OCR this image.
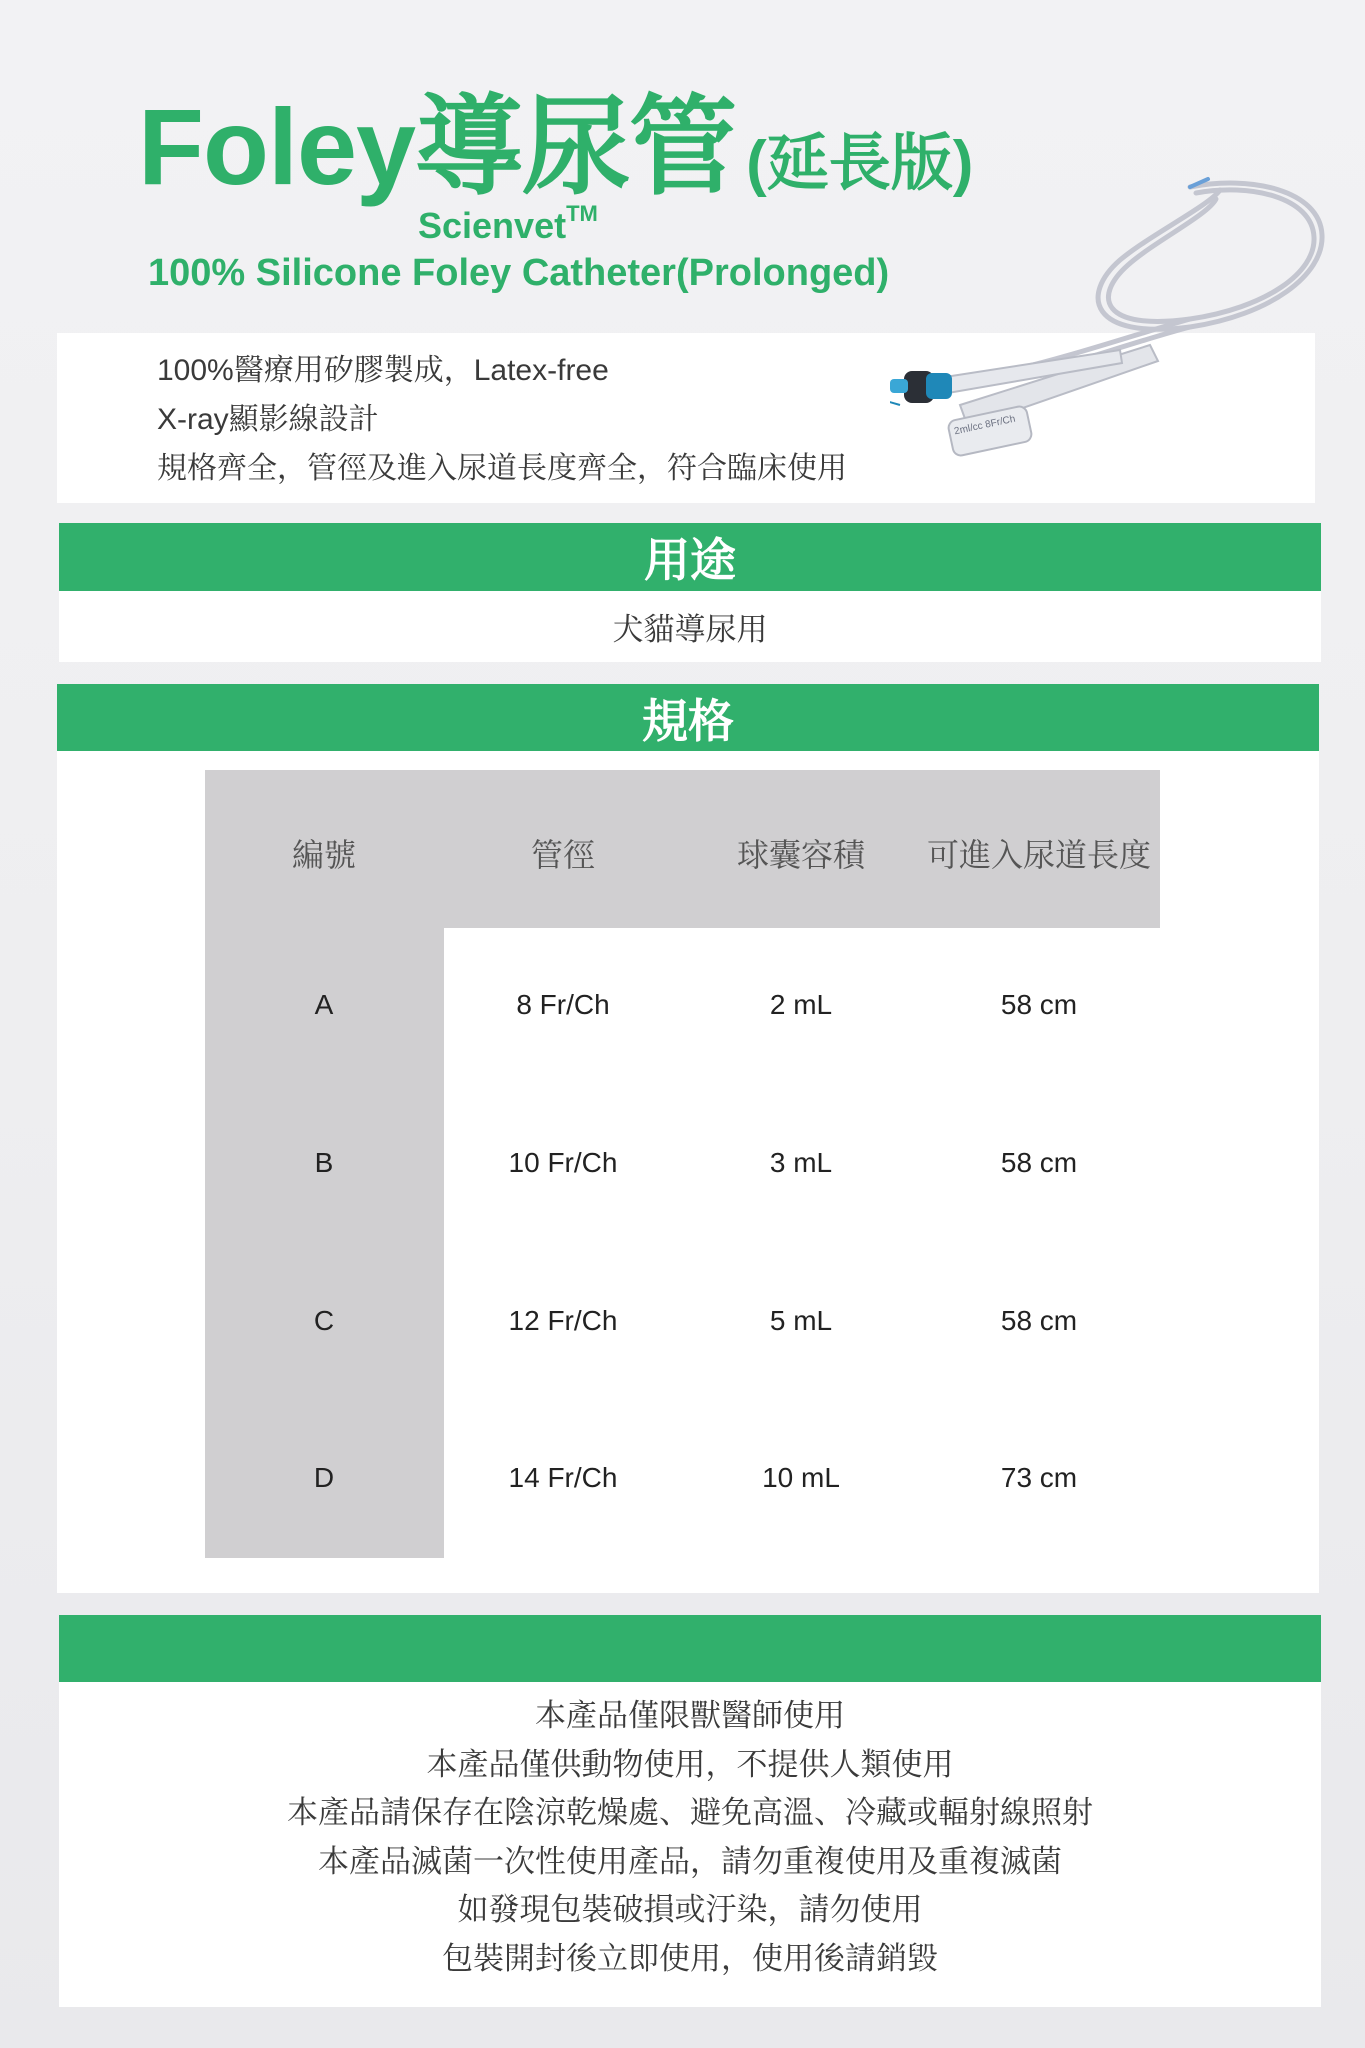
Foley導尿管 (延長版)
Scienvet™
100% Silicone Foley Catheter(Prolonged)
100%醫療用矽膠製成，Latex-free
X-ray顯影線設計
規格齊全，管徑及進入尿道長度齊全，符合臨床使用
2ml/cc 8Fr/Ch
用途
犬貓導尿用
規格
編號	管徑	球囊容積	可進入尿道長度
A	8 Fr/Ch	2 mL	58 cm
B	10 Fr/Ch	3 mL	58 cm
C	12 Fr/Ch	5 mL	58 cm
D	14 Fr/Ch	10 mL	73 cm
本產品僅限獸醫師使用
本產品僅供動物使用，不提供人類使用
本產品請保存在陰涼乾燥處、避免高溫、冷藏或輻射線照射
本產品滅菌一次性使用產品，請勿重複使用及重複滅菌
如發現包裝破損或汙染，請勿使用
包裝開封後立即使用，使用後請銷毀
